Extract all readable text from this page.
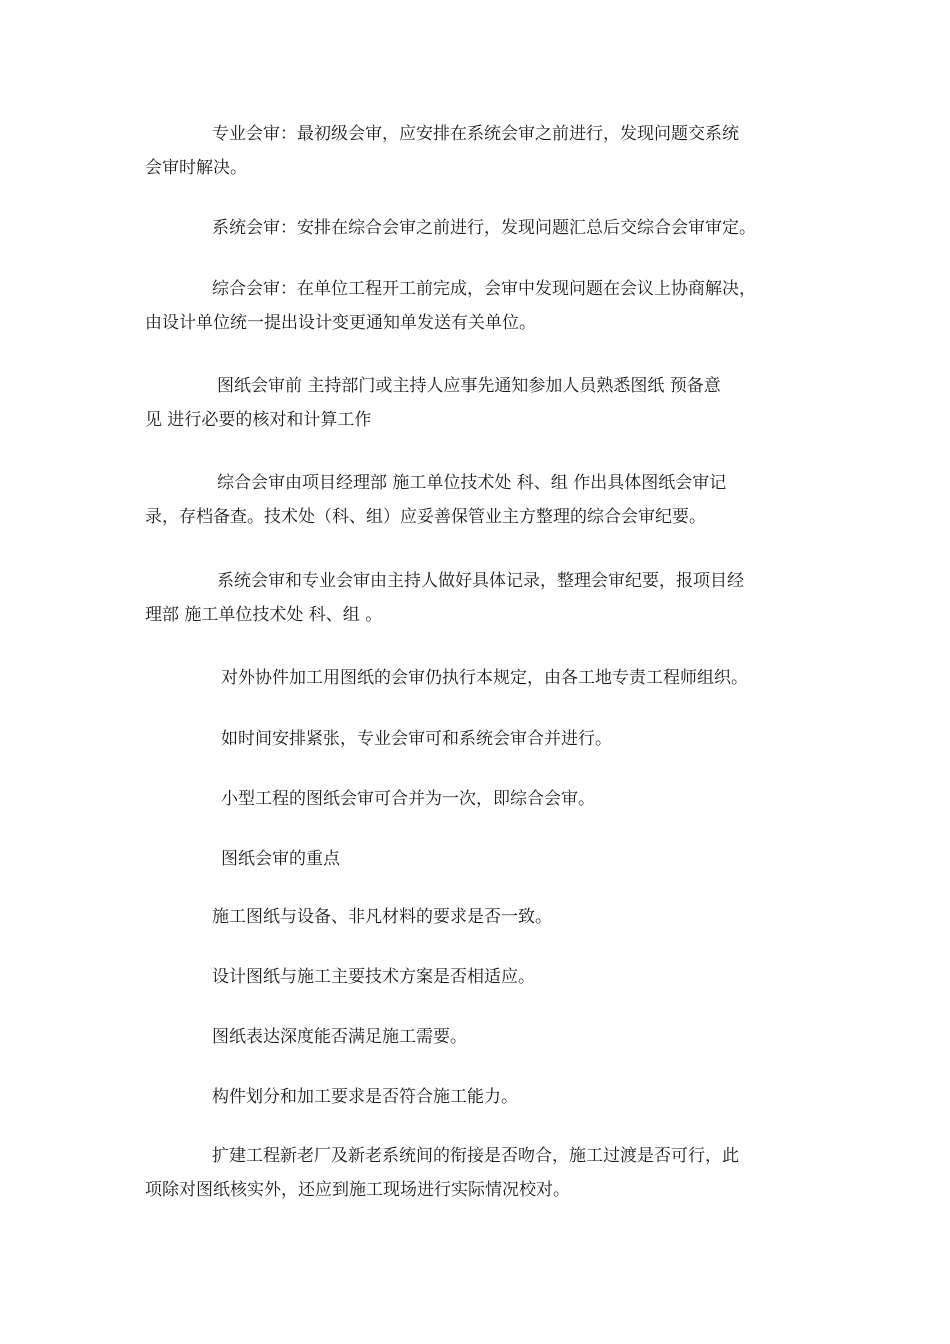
专业会审：最初级会审，应安排在系统会审之前进行，发现问题交系统
会审时解决。

系统会审：安排在综合会审之前进行，发现问题汇总后交综合会审审定。

综合会审：在单位工程开工前完成，会审中发现问题在会议上协商解决，
由设计单位统一提出设计变更通知单发送有关单位。

图纸会审前 主持部门或主持人应事先通知参加人员熟悉图纸 预备意
见 进行必要的核对和计算工作

综合会审由项目经理部 施工单位技术处 科、组 作出具体图纸会审记
录，存档备查。技术处（科、组）应妥善保管业主方整理的综合会审纪要。

系统会审和专业会审由主持人做好具体记录，整理会审纪要，报项目经
理部 施工单位技术处 科、组 。

对外协件加工用图纸的会审仍执行本规定，由各工地专责工程师组织。

如时间安排紧张，专业会审可和系统会审合并进行。

小型工程的图纸会审可合并为一次，即综合会审。

图纸会审的重点

施工图纸与设备、非凡材料的要求是否一致。

设计图纸与施工主要技术方案是否相适应。

图纸表达深度能否满足施工需要。

构件划分和加工要求是否符合施工能力。

扩建工程新老厂及新老系统间的衔接是否吻合，施工过渡是否可行，此
项除对图纸核实外，还应到施工现场进行实际情况校对。
